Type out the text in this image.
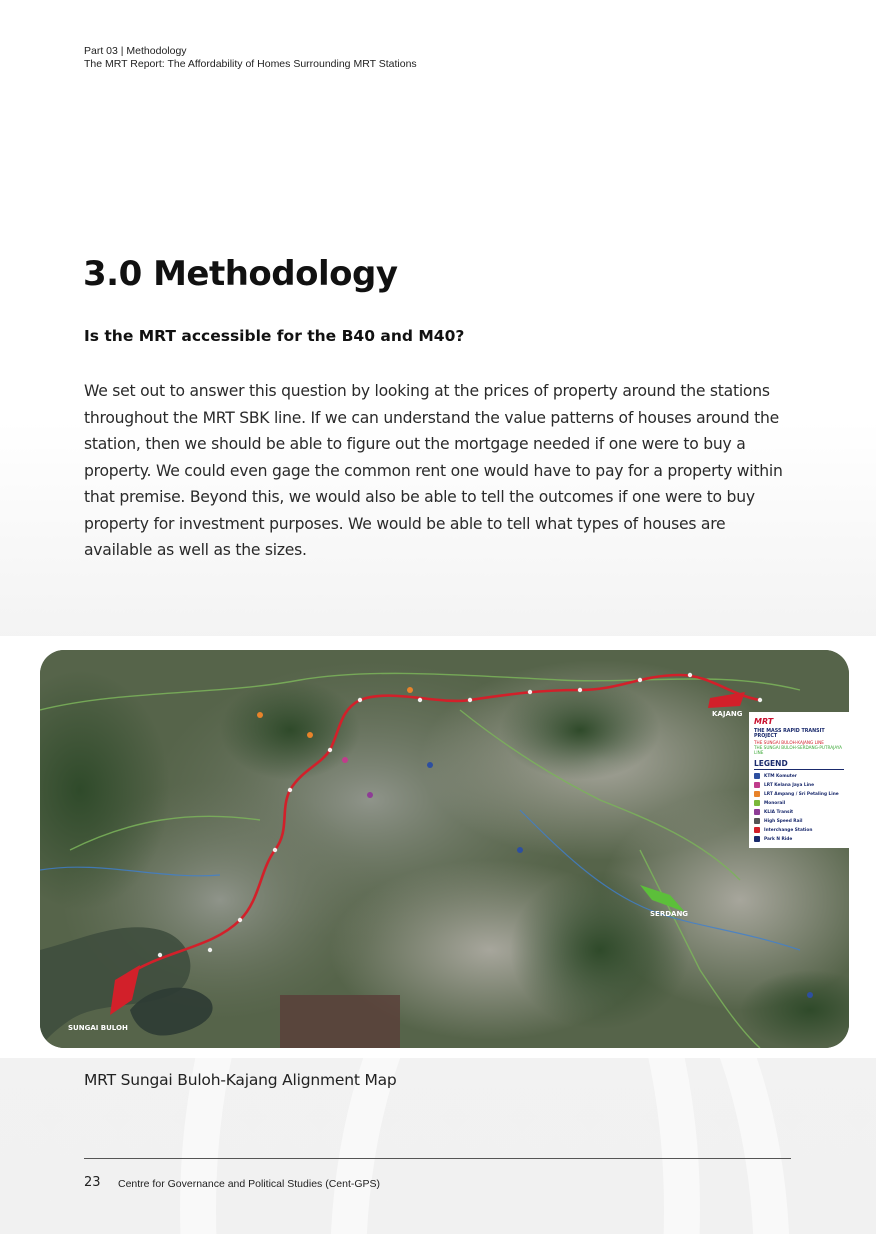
Part 03 | Methodology
The MRT Report: The Affordability of Homes Surrounding MRT Stations
3.0 Methodology
Is the MRT accessible for the B40 and M40?

We set out to answer this question by looking at the prices of property around the stations throughout the MRT SBK line. If we can understand the value patterns of houses around the station, then we should be able to figure out the mortgage needed if one were to buy a property. We could even gage the common rent one would have to pay for a property within that premise. Beyond this, we would also be able to tell the outcomes if one were to buy property for investment purposes. We would be able to tell what types of houses are available as well as the sizes.

SUNGAI BULOH
KAJANG
SERDANG
MRT
THE MASS RAPID TRANSIT PROJECT
THE SUNGAI BULOH-KAJANG LINE
THE SUNGAI BULOH-SERDANG-PUTRAJAYA LINE
LEGEND
KTM Komuter
LRT Kelana Jaya Line
LRT Ampang / Sri Petaling Line
Monorail
KLIA Transit
High Speed Rail
Interchange Station
Park N Ride
MRT Sungai Buloh-Kajang Alignment Map
23 Centre for Governance and Political Studies (Cent-GPS)
